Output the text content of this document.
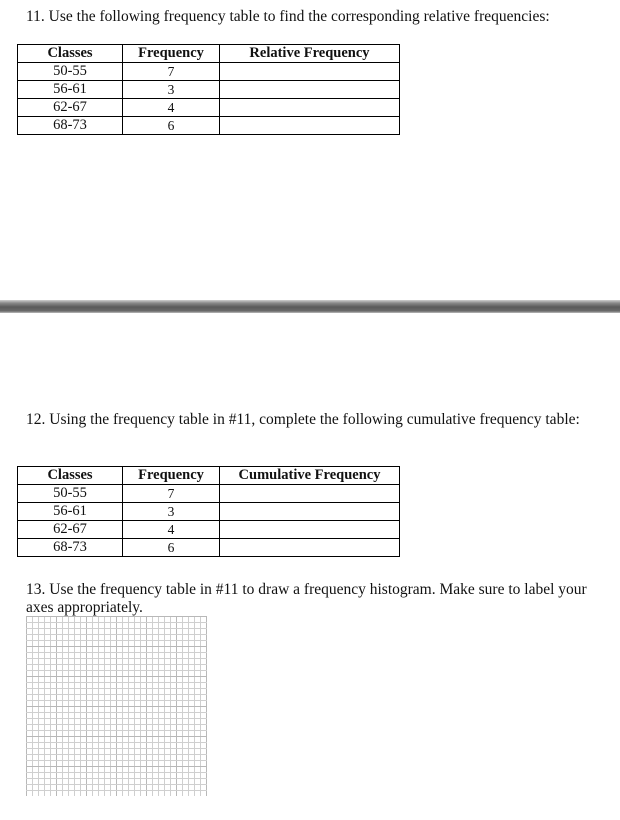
11. Use the following frequency table to find the corresponding relative frequencies:

Classes	Frequency	Relative Frequency
50-55	7	
56-61	3	
62-67	4	
68-73	6	

12. Using the frequency table in #11, complete the following cumulative frequency table:

Classes	Frequency	Cumulative Frequency
50-55	7	
56-61	3	
62-67	4	
68-73	6	

13. Use the frequency table in #11 to draw a frequency histogram. Make sure to label your axes appropriately.
